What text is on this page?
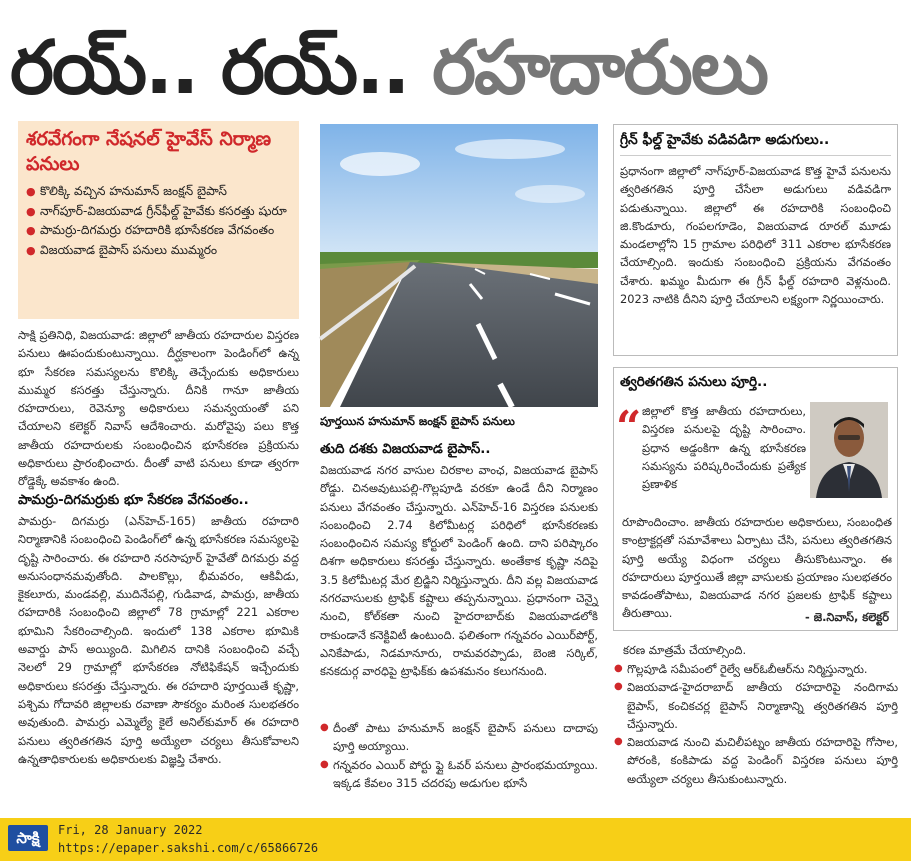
రయ్.. రయ్.. రహదారులు
శరవేగంగా నేషనల్ హైవేస్ నిర్మాణ పనులు
● కొలిక్కి వచ్చిన హనుమాన్ జంక్షన్ బైపాస్
● నాగ్‌పూర్-విజయవాడ గ్రీన్‌ఫీల్డ్ హైవేకు కసరత్తు షురూ
● పామర్రు-దిగమర్రు రహదారికి భూసేకరణ వేగవంతం
● విజయవాడ బైపాస్ పనులు ముమ్మరం
సాక్షి ప్రతినిధి, విజయవాడ: జిల్లాలో జాతీయ రహదారుల విస్తరణ పనులు ఊపందుకుంటున్నాయి. దీర్ఘకాలంగా పెండింగ్‌లో ఉన్న భూ సేకరణ సమస్యలను కొలిక్కి తెచ్చేందుకు అధికారులు ముమ్మర కసరత్తు చేస్తున్నారు. దీనికి గానూ జాతీయ రహదారులు, రెవెన్యూ అధికారులు సమన్వయంతో పని చేయాలని కలెక్టర్ నివాస్ ఆదేశించారు. మరోవైపు పలు కొత్త జాతీయ రహదారులకు సంబంధించిన భూసేకరణ ప్రక్రియను అధికారులు ప్రారంభించారు. దీంతో వాటి పనులు కూడా త్వరగా రోడ్డెక్కే అవకాశం ఉంది.
పామర్రు-దిగమర్రుకు భూ సేకరణ వేగవంతం..
పామర్రు- దిగమర్రు (ఎన్‌హెచ్‌-165) జాతీయ రహదారి నిర్మాణానికి సంబంధించి పెండింగ్‌లో ఉన్న భూసేకరణ సమస్యలపై దృష్టి సారించారు. ఈ రహదారి నరసాపూర్ హైవేతో దిగమర్రు వద్ద అనుసంధానమవుతోంది. పాలకొల్లు, భీమవరం, ఆకివీడు, కైకలూరు, మండవల్లి, ముదినేపల్లి, గుడివాడ, పామర్రు, జాతీయ రహదారికి సంబంధించి జిల్లాలో 78 గ్రామాల్లో 221 ఎకరాల భూమిని సేకరించాల్సింది. ఇందులో 138 ఎకరాల భూమికి అవార్డు పాస్ అయ్యింది. మిగిలిన దానికి సంబంధించి వచ్చే నెలలో 29 గ్రామాల్లో భూసేకరణ నోటిఫికేషన్ ఇచ్చేందుకు అధికారులు కసరత్తు చేస్తున్నారు. ఈ రహదారి పూర్తయితే కృష్ణా, పశ్చిమ గోదావరి జిల్లాలకు రవాణా సౌకర్యం మరింత సులభతరం అవుతుంది. పామర్రు ఎమ్మెల్యే కైలే అనిల్‌కుమార్ ఈ రహదారి పనులు త్వరితగతిన పూర్తి అయ్యేలా చర్యలు తీసుకోవాలని ఉన్నతాధికారులకు అధికారులకు విజ్ఞప్తి చేశారు.
పూర్తయిన హనుమాన్ జంక్షన్ బైపాస్ పనులు
తుది దశకు విజయవాడ బైపాస్..
విజయవాడ నగర వాసుల చిరకాల వాంఛ, విజయవాడ బైపాస్ రోడ్డు. చినఅవుటుపల్లి-గొల్లపూడి వరకూ ఉండే దీని నిర్మాణం పనులు వేగవంతం చేస్తున్నారు. ఎన్‌హెచ్‌-16 విస్తరణ పనులకు సంబంధించి 2.74 కిలోమీటర్ల పరిధిలో భూసేకరణకు సంబంధించిన సమస్య కోర్టులో పెండింగ్ ఉంది. దాని పరిష్కారం దిశగా అధికారులు కసరత్తు చేస్తున్నారు. అంతేకాక కృష్ణా నదిపై 3.5 కిలోమీటర్ల మేర బ్రిడ్జిని నిర్మిస్తున్నారు. దీని వల్ల విజయవాడ నగరవాసులకు ట్రాఫిక్ కష్టాలు తప్పనున్నాయి. ప్రధానంగా చెన్నై నుంచి, కోల్‌కతా నుంచి హైదరాబాద్‌కు విజయవాడలోకి రాకుండానే కనెక్టివిటీ ఉంటుంది. ఫలితంగా గన్నవరం ఎయిర్‌పోర్ట్, ఎనికేపాడు, నిడమానూరు, రామవరప్పాడు, బెంజి సర్కిల్, కనకదుర్గ వారధిపై ట్రాఫిక్‌కు ఉపశమనం కలుగనుంది.
● దీంతో పాటు హనుమాన్ జంక్షన్ బైపాస్ పనులు దాదాపు పూర్తి అయ్యాయి.
● గన్నవరం ఎయిర్ పోర్టు ఫ్లై ఓవర్ పనులు ప్రారంభమయ్యాయి. ఇక్కడ కేవలం 315 చదరపు అడుగుల భూసే
గ్రీన్ ఫీల్డ్ హైవేకు వడివడిగా అడుగులు..
ప్రధానంగా జిల్లాలో నాగ్‌పూర్-విజయవాడ కొత్త హైవే పనులను త్వరితగతిన పూర్తి చేసేలా అడుగులు వడివడిగా పడుతున్నాయి. జిల్లాలో ఈ రహదారికి సంబంధించి జి.కొండూరు, గంపలగూడెం, విజయవాడ రూరల్ మూడు మండలాల్లోని 15 గ్రామాల పరిధిలో 311 ఎకరాల భూసేకరణ చేయాల్సింది. ఇందుకు సంబంధించి ప్రక్రియను వేగవంతం చేశారు. ఖమ్మం మీదుగా ఈ గ్రీన్ ఫీల్డ్ రహదారి వెళ్లనుంది. 2023 నాటికి దీనిని పూర్తి చేయాలని లక్ష్యంగా నిర్ణయించారు.
త్వరితగతిన పనులు పూర్తి..
“ జిల్లాలో కొత్త జాతీయ రహదారులు, విస్తరణ పనులపై దృష్టి సారించాం. ప్రధాన అడ్డంకిగా ఉన్న భూసేకరణ సమస్యను పరిష్కరించేందుకు ప్రత్యేక ప్రణాళిక
రూపొందించాం. జాతీయ రహదారుల అధికారులు, సంబంధిత కాంట్రాక్టర్లతో సమావేశాలు ఏర్పాటు చేసి, పనులు త్వరితగతిన పూర్తి అయ్యే విధంగా చర్యలు తీసుకొంటున్నాం. ఈ రహదారులు పూర్తయితే జిల్లా వాసులకు ప్రయాణం సులభతరం కావడంతోపాటు, విజయవాడ నగర ప్రజలకు ట్రాఫిక్ కష్టాలు తీరుతాయి.	- జె.నివాస్, కలెక్టర్
కరణ మాత్రమే చేయాల్సింది.
● గొల్లపూడి సమీపంలో రైల్వే ఆర్‌ఓబీఆర్‌ను నిర్మిస్తున్నారు.
● విజయవాడ-హైదరాబాద్ జాతీయ రహదారిపై నందిగామ బైపాస్, కంచికచర్ల బైపాస్ నిర్మాణాన్ని త్వరితగతిన పూర్తి చేస్తున్నారు.
● విజయవాడ నుంచి మచిలీపట్నం జాతీయ రహదారిపై గోసాల, పోరంకి, కంకిపాడు వద్ద పెండింగ్ విస్తరణ పనులు పూర్తి అయ్యేలా చర్యలు తీసుకుంటున్నారు.
సాక్షి	Fri, 28 January 2022
https://epaper.sakshi.com/c/65866726
